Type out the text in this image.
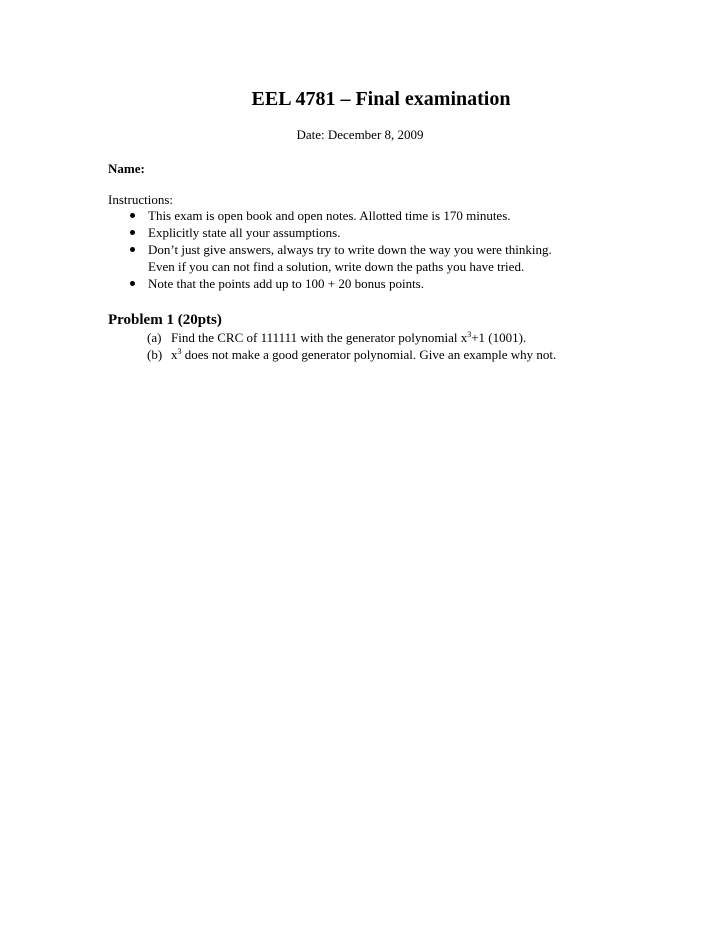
EEL 4781 – Final examination
Date: December 8, 2009
Name:
Instructions:
This exam is open book and open notes. Allotted time is 170 minutes.
Explicitly state all your assumptions.
Don’t just give answers, always try to write down the way you were thinking.
Even if you can not find a solution, write down the paths you have tried.
Note that the points add up to 100 + 20 bonus points.
Problem 1 (20pts)
(a) Find the CRC of 111111 with the generator polynomial $x^3+1$ (1001).
(b) $x^3$ does not make a good generator polynomial. Give an example why not.
